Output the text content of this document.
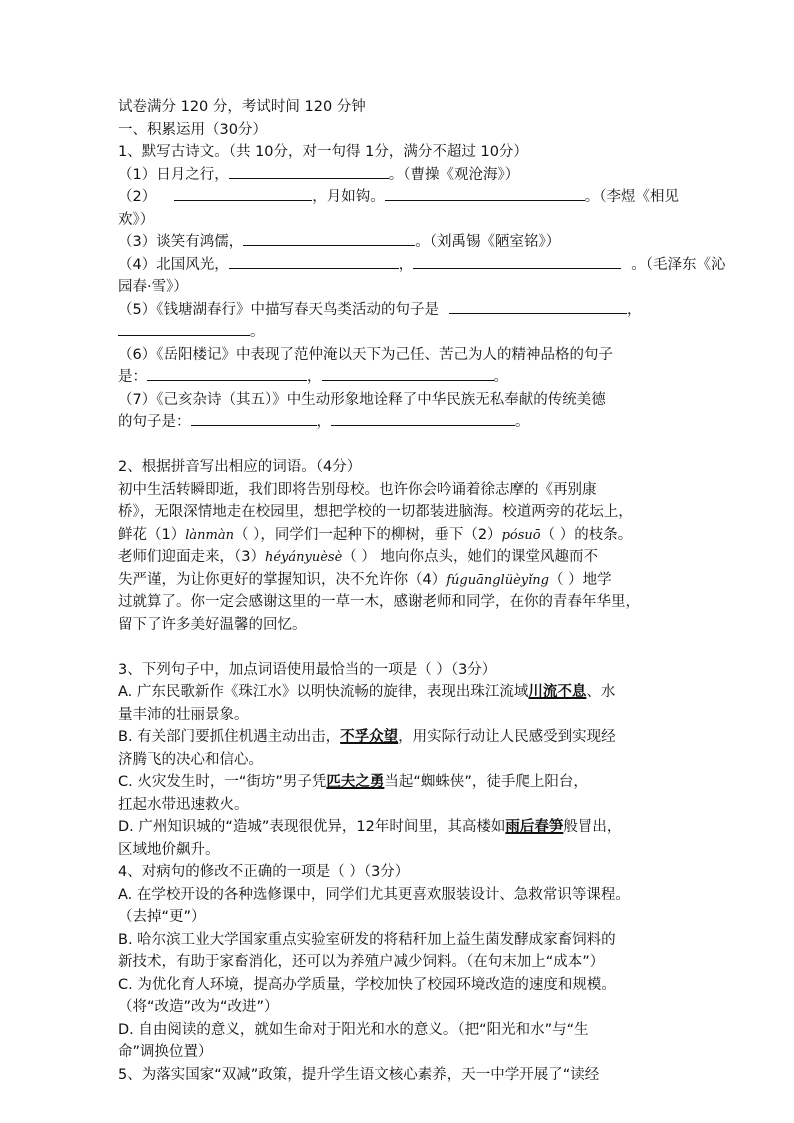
试卷满分 120 分，考试时间 120 分钟
一、积累运用（30分）
1、默写古诗文。（共 10分，对一句得 1分，满分不超过 10分）
（1）日月之行，	。（曹操《观沧海》）
（2）	，月如钩。	。（李煜《相见
欢》）
（3）谈笑有鸿儒，	。（刘禹锡《陋室铭》）
（4）北国风光，	，	。（毛泽东《沁
园春·雪》）
（5）《钱塘湖春行》中描写春天鸟类活动的句子是	，
。
（6）《岳阳楼记》中表现了范仲淹以天下为己任、苦己为人的精神品格的句子
是：	，	。
（7）《己亥杂诗（其五）》中生动形象地诠释了中华民族无私奉献的传统美德
的句子是：	，	。
2、根据拼音写出相应的词语。（4分）
初中生活转瞬即逝，我们即将告别母校。也许你会吟诵着徐志摩的《再别康
桥》，无限深情地走在校园里，想把学校的一切都装进脑海。校道两旁的花坛上，
鲜花（1）lànmàn（ ），同学们一起种下的柳树，垂下（2）pósuō（ ）的枝条。
老师们迎面走来，（3）héyányuèsè（ ） 地向你点头，她们的课堂风趣而不
失严谨，为让你更好的掌握知识，决不允许你（4）fúguānglüèyǐng（ ）地学
过就算了。你一定会感谢这里的一草一木，感谢老师和同学，在你的青春年华里，
留下了许多美好温馨的回忆。
3、下列句子中，加点词语使用最恰当的一项是（ ）（3分）
A. 广东民歌新作《珠江水》以明快流畅的旋律，表现出珠江流域川流不息、水
量丰沛的壮丽景象。
B. 有关部门要抓住机遇主动出击，不孚众望，用实际行动让人民感受到实现经
济腾飞的决心和信心。
C. 火灾发生时，一“街坊”男子凭匹夫之勇当起“蜘蛛侠”，徒手爬上阳台，
扛起水带迅速救火。
D. 广州知识城的“造城”表现很优异，12年时间里，其高楼如雨后春笋般冒出，
区域地价飙升。
4、对病句的修改不正确的一项是（ ）（3分）
A. 在学校开设的各种选修课中，同学们尤其更喜欢服装设计、急救常识等课程。
（去掉“更”）
B. 哈尔滨工业大学国家重点实验室研发的将秸秆加上益生菌发酵成家畜饲料的
新技术，有助于家畜消化，还可以为养殖户减少饲料。（在句末加上“成本”）
C. 为优化育人环境，提高办学质量，学校加快了校园环境改造的速度和规模。
（将“改造”改为“改进”）
D. 自由阅读的意义，就如生命对于阳光和水的意义。（把“阳光和水”与“生
命”调换位置）
5、为落实国家“双减”政策，提升学生语文核心素养，天一中学开展了“读经
